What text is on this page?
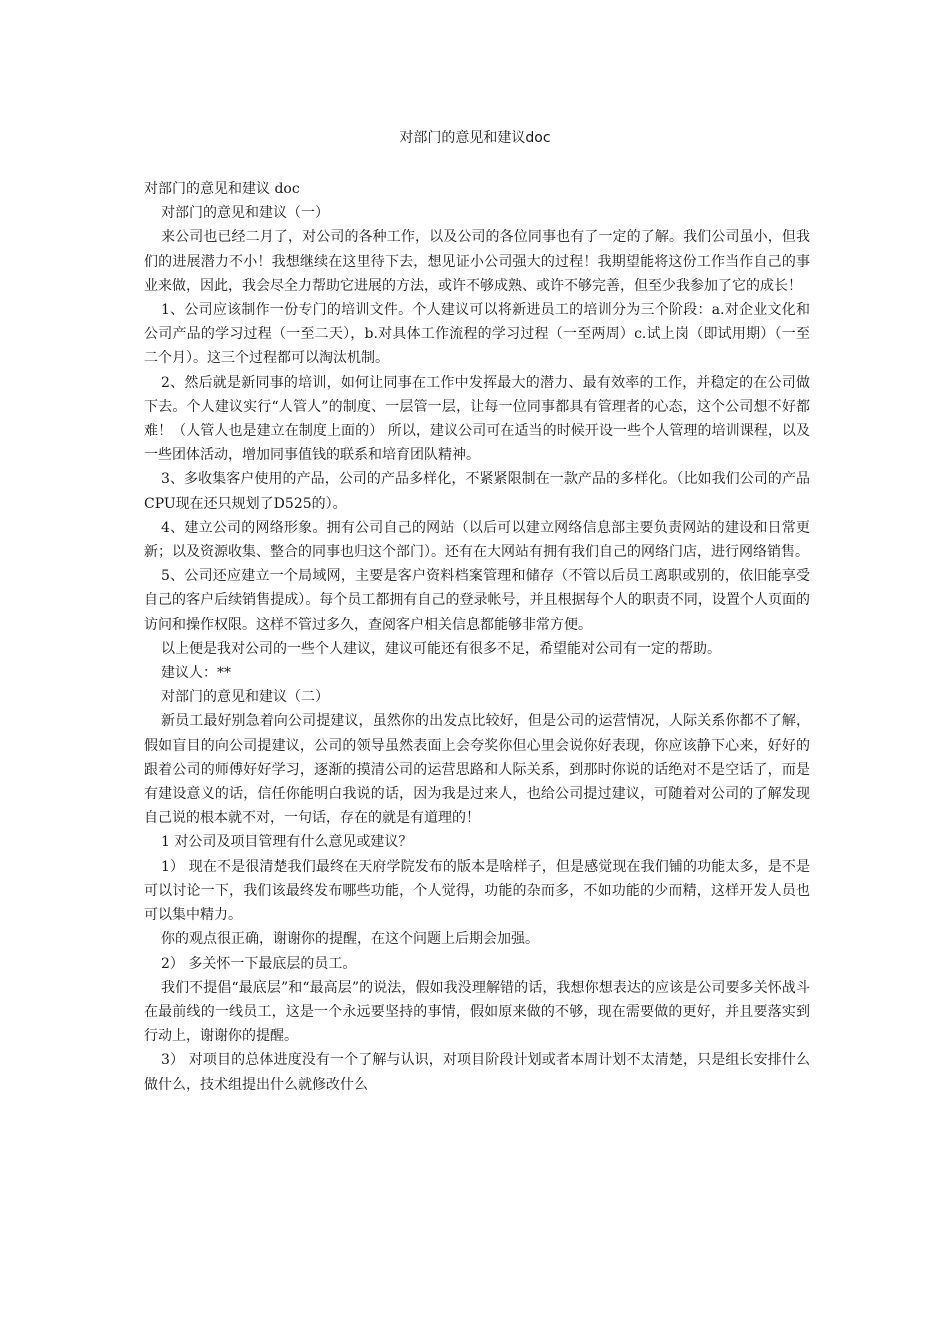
对部门的意见和建议doc

对部门的意见和建议 doc

对部门的意见和建议（一）

来公司也已经二月了，对公司的各种工作，以及公司的各位同事也有了一定的了解。我们公司虽小，但我们的进展潜力不小！我想继续在这里待下去，想见证小公司强大的过程！我期望能将这份工作当作自己的事业来做，因此，我会尽全力帮助它进展的方法，或许不够成熟、或许不够完善，但至少我参加了它的成长！

1、公司应该制作一份专门的培训文件。个人建议可以将新进员工的培训分为三个阶段：a.对企业文化和公司产品的学习过程（一至二天），b.对具体工作流程的学习过程（一至两周）c.试上岗（即试用期）（一至二个月）。这三个过程都可以淘汰机制。

2、然后就是新同事的培训，如何让同事在工作中发挥最大的潜力、最有效率的工作，并稳定的在公司做下去。个人建议实行“人管人”的制度、一层管一层，让每一位同事都具有管理者的心态，这个公司想不好都难！（人管人也是建立在制度上面的） 所以，建议公司可在适当的时候开设一些个人管理的培训课程，以及一些团体活动，增加同事值钱的联系和培育团队精神。

3、多收集客户使用的产品，公司的产品多样化，不紧紧限制在一款产品的多样化。（比如我们公司的产品CPU现在还只规划了D525的）。

4、建立公司的网络形象。拥有公司自己的网站（以后可以建立网络信息部主要负责网站的建设和日常更新；以及资源收集、整合的同事也归这个部门）。还有在大网站有拥有我们自己的网络门店，进行网络销售。

5、公司还应建立一个局域网，主要是客户资料档案管理和储存（不管以后员工离职或别的，依旧能享受自己的客户后续销售提成）。每个员工都拥有自己的登录帐号，并且根据每个人的职责不同，设置个人页面的访问和操作权限。这样不管过多久，查阅客户相关信息都能够非常方便。

以上便是我对公司的一些个人建议，建议可能还有很多不足，希望能对公司有一定的帮助。

建议人：**

对部门的意见和建议（二）

新员工最好别急着向公司提建议，虽然你的出发点比较好，但是公司的运营情况，人际关系你都不了解，假如盲目的向公司提建议，公司的领导虽然表面上会夸奖你但心里会说你好表现，你应该静下心来，好好的跟着公司的师傅好好学习，逐渐的摸清公司的运营思路和人际关系，到那时你说的话绝对不是空话了，而是有建设意义的话，信任你能明白我说的话，因为我是过来人，也给公司提过建议，可随着对公司的了解发现自己说的根本就不对，一句话，存在的就是有道理的！

1 对公司及项目管理有什么意见或建议？

1） 现在不是很清楚我们最终在天府学院发布的版本是啥样子，但是感觉现在我们铺的功能太多，是不是可以讨论一下，我们该最终发布哪些功能，个人觉得，功能的杂而多，不如功能的少而精，这样开发人员也可以集中精力。

你的观点很正确，谢谢你的提醒，在这个问题上后期会加强。

2） 多关怀一下最底层的员工。

我们不提倡“最底层”和“最高层”的说法，假如我没理解错的话，我想你想表达的应该是公司要多关怀战斗在最前线的一线员工，这是一个永远要坚持的事情，假如原来做的不够，现在需要做的更好，并且要落实到行动上，谢谢你的提醒。

3） 对项目的总体进度没有一个了解与认识，对项目阶段计划或者本周计划不太清楚，只是组长安排什么做什么，技术组提出什么就修改什么
